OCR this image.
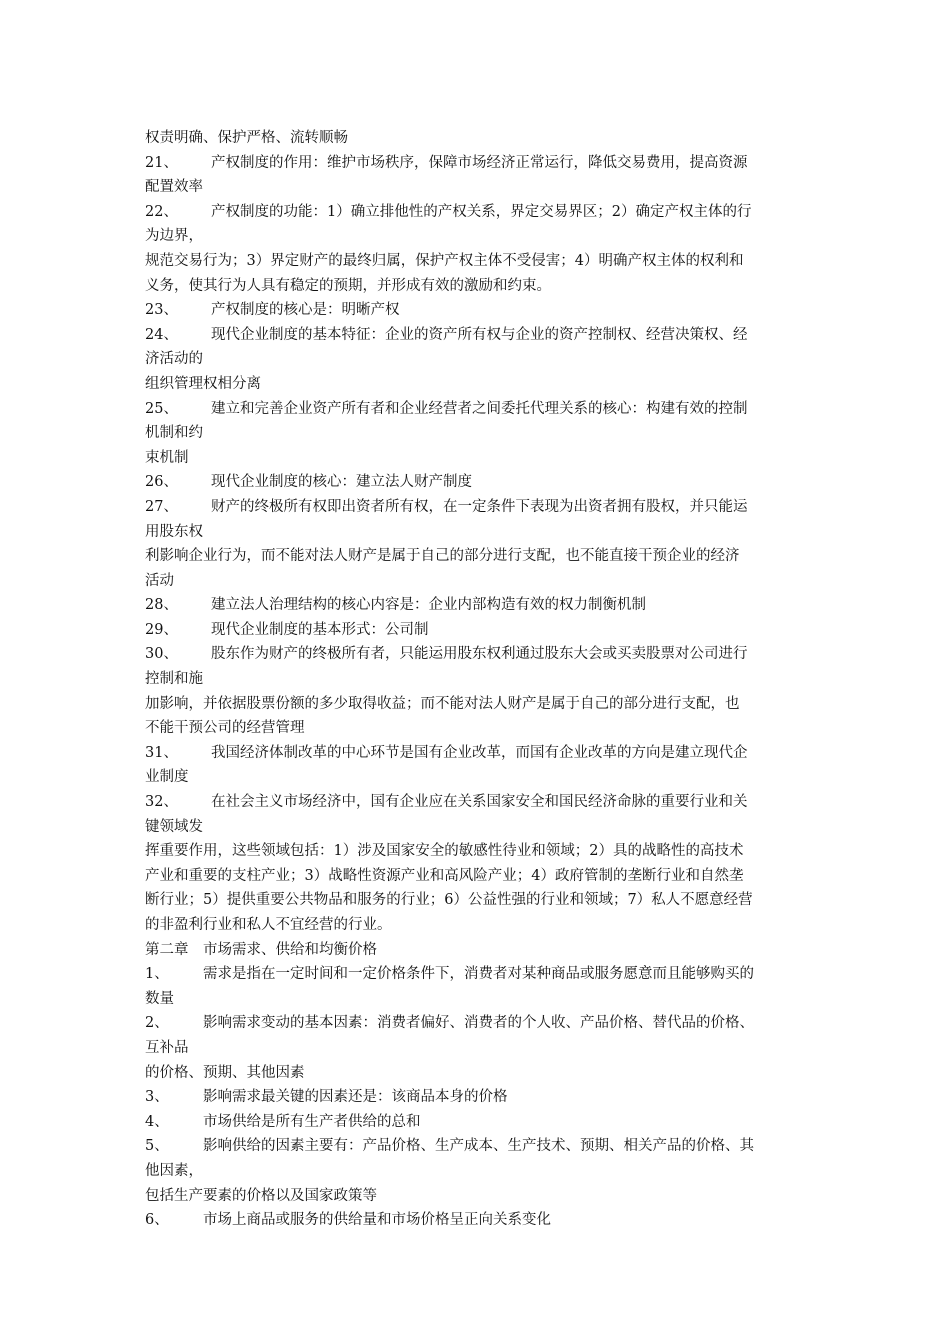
权责明确、保护严格、流转顺畅
21、 产权制度的作用：维护市场秩序，保障市场经济正常运行，降低交易费用，提高资源
配置效率
22、 产权制度的功能：1）确立排他性的产权关系，界定交易界区；2）确定产权主体的行
为边界，
规范交易行为；3）界定财产的最终归属，保护产权主体不受侵害；4）明确产权主体的权利和
义务，使其行为人具有稳定的预期，并形成有效的激励和约束。
23、 产权制度的核心是：明晰产权
24、 现代企业制度的基本特征：企业的资产所有权与企业的资产控制权、经营决策权、经
济活动的
组织管理权相分离
25、 建立和完善企业资产所有者和企业经营者之间委托代理关系的核心：构建有效的控制
机制和约
束机制
26、 现代企业制度的核心：建立法人财产制度
27、 财产的终极所有权即出资者所有权，在一定条件下表现为出资者拥有股权，并只能运
用股东权
利影响企业行为，而不能对法人财产是属于自己的部分进行支配，也不能直接干预企业的经济
活动
28、 建立法人治理结构的核心内容是：企业内部构造有效的权力制衡机制
29、 现代企业制度的基本形式：公司制
30、 股东作为财产的终极所有者，只能运用股东权利通过股东大会或买卖股票对公司进行
控制和施
加影响，并依据股票份额的多少取得收益；而不能对法人财产是属于自己的部分进行支配，也
不能干预公司的经营管理
31、 我国经济体制改革的中心环节是国有企业改革，而国有企业改革的方向是建立现代企
业制度
32、 在社会主义市场经济中，国有企业应在关系国家安全和国民经济命脉的重要行业和关
键领域发
挥重要作用，这些领域包括：1）涉及国家安全的敏感性待业和领域；2）具的战略性的高技术
产业和重要的支柱产业；3）战略性资源产业和高风险产业；4）政府管制的垄断行业和自然垄
断行业；5）提供重要公共物品和服务的行业；6）公益性强的行业和领域；7）私人不愿意经营
的非盈利行业和私人不宜经营的行业。
第二章　市场需求、供给和均衡价格
1、 需求是指在一定时间和一定价格条件下，消费者对某种商品或服务愿意而且能够购买的
数量
2、 影响需求变动的基本因素：消费者偏好、消费者的个人收、产品价格、替代品的价格、
互补品
的价格、预期、其他因素
3、 影响需求最关键的因素还是：该商品本身的价格
4、 市场供给是所有生产者供给的总和
5、 影响供给的因素主要有：产品价格、生产成本、生产技术、预期、相关产品的价格、其
他因素，
包括生产要素的价格以及国家政策等
6、 市场上商品或服务的供给量和市场价格呈正向关系变化
